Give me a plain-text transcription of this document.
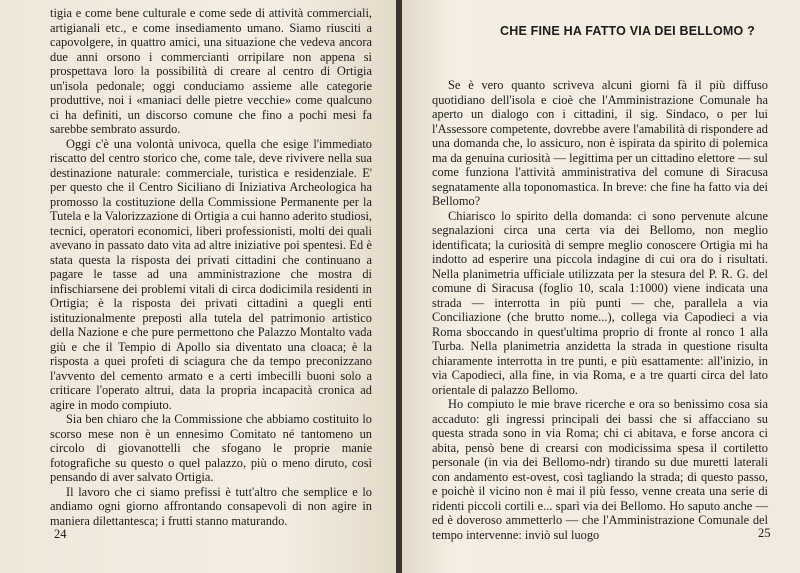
tigia e come bene culturale e come sede di attività commerciali, artigianali etc., e come insediamento umano. Siamo riusciti a capovolgere, in quattro amici, una situazione che vedeva ancora due anni orsono i commercianti orripilare non appena si prospettava loro la possibilità di creare al centro di Ortigia un'isola pedonale; oggi conduciamo assieme alle categorie produttive, noi i «maniaci delle pietre vecchie» come qualcuno ci ha definiti, un discorso comune che fino a pochi mesi fa sarebbe sembrato assurdo.

Oggi c'è una volontà univoca, quella che esige l'immediato riscatto del centro storico che, come tale, deve rivivere nella sua destinazione naturale: commerciale, turistica e residenziale. E' per questo che il Centro Siciliano di Iniziativa Archeologica ha promosso la costituzione della Commissione Permanente per la Tutela e la Valorizzazione di Ortigia a cui hanno aderito studiosi, tecnici, operatori economici, liberi professionisti, molti dei quali avevano in passato dato vita ad altre iniziative poi spentesi. Ed è stata questa la risposta dei privati cittadini che continuano a pagare le tasse ad una amministrazione che mostra di infischiarsene dei problemi vitali di circa dodicimila residenti in Ortigia; è la risposta dei privati cittadini a quegli enti istituzionalmente preposti alla tutela del patrimonio artistico della Nazione e che pure permettono che Palazzo Montalto vada giù e che il Tempio di Apollo sia diventato una cloaca; è la risposta a quei profeti di sciagura che da tempo preconizzano l'avvento del cemento armato e a certi imbecilli buoni solo a criticare l'operato altrui, data la propria incapacità cronica ad agire in modo compiuto.

Sia ben chiaro che la Commissione che abbiamo costituito lo scorso mese non è un ennesimo Comitato né tantomeno un circolo di giovanottelli che sfogano le proprie manie fotografiche su questo o quel palazzo, più o meno diruto, così pensando di aver salvato Ortigia.

Il lavoro che ci siamo prefissi è tutt'altro che semplice e lo andiamo ogni giorno affrontando consapevoli di non agire in maniera dilettantesca; i frutti stanno maturando.

24
CHE FINE HA FATTO VIA DEI BELLOMO ?

Se è vero quanto scriveva alcuni giorni fà il più diffuso quotidiano dell'isola e cioè che l'Amministrazione Comunale ha aperto un dialogo con i cittadini, il sig. Sindaco, o per lui l'Assessore competente, dovrebbe avere l'amabilità di rispondere ad una domanda che, lo assicuro, non è ispirata da spirito di polemica ma da genuina curiosità — legittima per un cittadino elettore — sul come funziona l'attività amministrativa del comune di Siracusa segnatamente alla toponomastica. In breve: che fine ha fatto via dei Bellomo?

Chiarisco lo spirito della domanda: ci sono pervenute alcune segnalazioni circa una certa via dei Bellomo, non meglio identificata; la curiosità di sempre meglio conoscere Ortigia mi ha indotto ad esperire una piccola indagine di cui ora do i risultati. Nella planimetria ufficiale utilizzata per la stesura del P. R. G. del comune di Siracusa (foglio 10, scala 1:1000) viene indicata una strada — interrotta in più punti — che, parallela a via Conciliazione (che brutto nome...), collega via Capodieci a via Roma sboccando in quest'ultima proprio di fronte al ronco 1 alla Turba. Nella planimetria anzidetta la strada in questione risulta chiaramente interrotta in tre punti, e più esattamente: all'inizio, in via Capodieci, alla fine, in via Roma, e a tre quarti circa del lato orientale di palazzo Bellomo.

Ho compiuto le mie brave ricerche e ora so benissimo cosa sia accaduto: gli ingressi principali dei bassi che si affacciano su questa strada sono in via Roma; chi ci abitava, e forse ancora ci abita, pensò bene di crearsi con modicissima spesa il cortiletto personale (in via dei Bellomo-ndr) tirando su due muretti laterali con andamento est-ovest, così tagliando la strada; di questo passo, e poichè il vicino non è mai il più fesso, venne creata una serie di ridenti piccoli cortili e... sparì via dei Bellomo. Ho saputo anche — ed è doveroso ammetterlo — che l'Amministrazione Comunale del tempo intervenne: inviò sul luogo	25
